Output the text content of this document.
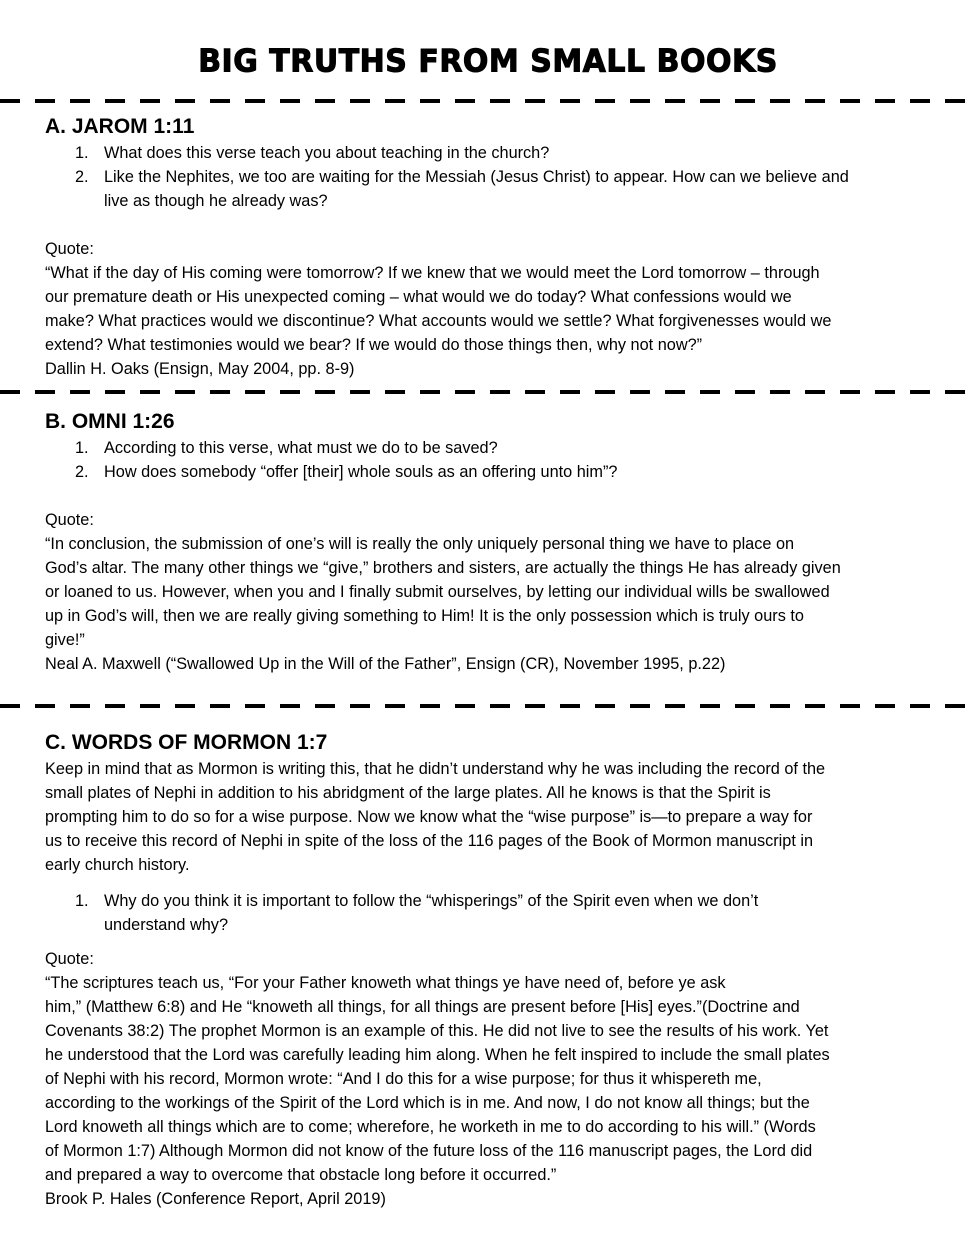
BIG TRUTHS FROM SMALL BOOKS
A. JAROM 1:11
1. What does this verse teach you about teaching in the church?
2. Like the Nephites, we too are waiting for the Messiah (Jesus Christ) to appear. How can we believe and
live as though he already was?
Quote:
“What if the day of His coming were tomorrow? If we knew that we would meet the Lord tomorrow – through
our premature death or His unexpected coming – what would we do today? What confessions would we
make? What practices would we discontinue? What accounts would we settle? What forgivenesses would we
extend? What testimonies would we bear? If we would do those things then, why not now?”
Dallin H. Oaks (Ensign, May 2004, pp. 8-9)
B. OMNI 1:26
1. According to this verse, what must we do to be saved?
2. How does somebody “offer [their] whole souls as an offering unto him”?
Quote:
“In conclusion, the submission of one’s will is really the only uniquely personal thing we have to place on
God’s altar. The many other things we “give,” brothers and sisters, are actually the things He has already given
or loaned to us. However, when you and I finally submit ourselves, by letting our individual wills be swallowed
up in God’s will, then we are really giving something to Him! It is the only possession which is truly ours to
give!”
Neal A. Maxwell (“Swallowed Up in the Will of the Father”, Ensign (CR), November 1995, p.22)
C. WORDS OF MORMON 1:7
Keep in mind that as Mormon is writing this, that he didn’t understand why he was including the record of the
small plates of Nephi in addition to his abridgment of the large plates. All he knows is that the Spirit is
prompting him to do so for a wise purpose. Now we know what the “wise purpose” is—to prepare a way for
us to receive this record of Nephi in spite of the loss of the 116 pages of the Book of Mormon manuscript in
early church history.
1. Why do you think it is important to follow the “whisperings” of the Spirit even when we don’t
understand why?
Quote:
“The scriptures teach us, “For your Father knoweth what things ye have need of, before ye ask
him,” (Matthew 6:8) and He “knoweth all things, for all things are present before [His] eyes.”(Doctrine and
Covenants 38:2) The prophet Mormon is an example of this. He did not live to see the results of his work. Yet
he understood that the Lord was carefully leading him along. When he felt inspired to include the small plates
of Nephi with his record, Mormon wrote: “And I do this for a wise purpose; for thus it whispereth me,
according to the workings of the Spirit of the Lord which is in me. And now, I do not know all things; but the
Lord knoweth all things which are to come; wherefore, he worketh in me to do according to his will.” (Words
of Mormon 1:7) Although Mormon did not know of the future loss of the 116 manuscript pages, the Lord did
and prepared a way to overcome that obstacle long before it occurred.”
Brook P. Hales (Conference Report, April 2019)
